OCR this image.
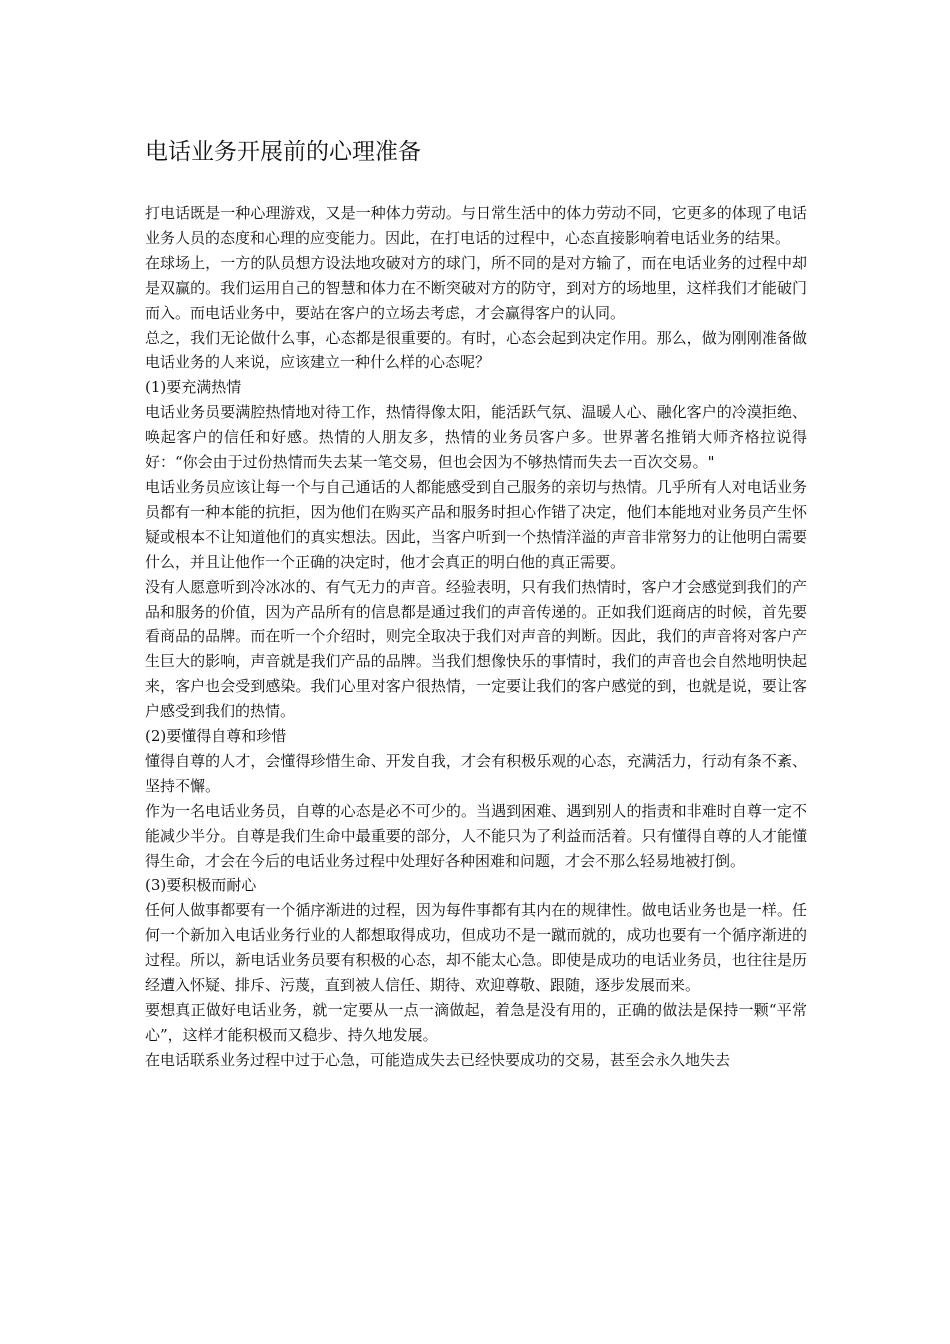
电话业务开展前的心理准备

打电话既是一种心理游戏，又是一种体力劳动。与日常生活中的体力劳动不同，它更多的体现了电话业务人员的态度和心理的应变能力。因此，在打电话的过程中，心态直接影响着电话业务的结果。

在球场上，一方的队员想方设法地攻破对方的球门，所不同的是对方输了，而在电话业务的过程中却是双赢的。我们运用自己的智慧和体力在不断突破对方的防守，到对方的场地里，这样我们才能破门而入。而电话业务中，要站在客户的立场去考虑，才会赢得客户的认同。

总之，我们无论做什么事，心态都是很重要的。有时，心态会起到决定作用。那么，做为刚刚准备做电话业务的人来说，应该建立一种什么样的心态呢？

(1)要充满热情

电话业务员要满腔热情地对待工作，热情得像太阳，能活跃气氛、温暖人心、融化客户的冷漠拒绝、唤起客户的信任和好感。热情的人朋友多，热情的业务员客户多。世界著名推销大师齐格拉说得好：“你会由于过份热情而失去某一笔交易，但也会因为不够热情而失去一百次交易。"

电话业务员应该让每一个与自己通话的人都能感受到自己服务的亲切与热情。几乎所有人对电话业务员都有一种本能的抗拒，因为他们在购买产品和服务时担心作错了决定，他们本能地对业务员产生怀疑或根本不让知道他们的真实想法。因此，当客户听到一个热情洋溢的声音非常努力的让他明白需要什么，并且让他作一个正确的决定时，他才会真正的明白他的真正需要。

没有人愿意听到冷冰冰的、有气无力的声音。经验表明，只有我们热情时，客户才会感觉到我们的产品和服务的价值，因为产品所有的信息都是通过我们的声音传递的。正如我们逛商店的时候，首先要看商品的品牌。而在听一个介绍时，则完全取决于我们对声音的判断。因此，我们的声音将对客户产生巨大的影响，声音就是我们产品的品牌。当我们想像快乐的事情时，我们的声音也会自然地明快起来，客户也会受到感染。我们心里对客户很热情，一定要让我们的客户感觉的到，也就是说，要让客户感受到我们的热情。

(2)要懂得自尊和珍惜

懂得自尊的人才，会懂得珍惜生命、开发自我，才会有积极乐观的心态，充满活力，行动有条不紊、坚持不懈。

作为一名电话业务员，自尊的心态是必不可少的。当遇到困难、遇到别人的指责和非难时自尊一定不能减少半分。自尊是我们生命中最重要的部分，人不能只为了利益而活着。只有懂得自尊的人才能懂得生命，才会在今后的电话业务过程中处理好各种困难和问题，才会不那么轻易地被打倒。

(3)要积极而耐心

任何人做事都要有一个循序渐进的过程，因为每件事都有其内在的规律性。做电话业务也是一样。任何一个新加入电话业务行业的人都想取得成功，但成功不是一蹴而就的，成功也要有一个循序渐进的过程。所以，新电话业务员要有积极的心态，却不能太心急。即使是成功的电话业务员，也往往是历经遭入怀疑、排斥、污蔑，直到被人信任、期待、欢迎尊敬、跟随，逐步发展而来。

要想真正做好电话业务，就一定要从一点一滴做起，着急是没有用的，正确的做法是保持一颗“平常心”，这样才能积极而又稳步、持久地发展。

在电话联系业务过程中过于心急，可能造成失去已经快要成功的交易，甚至会永久地失去
